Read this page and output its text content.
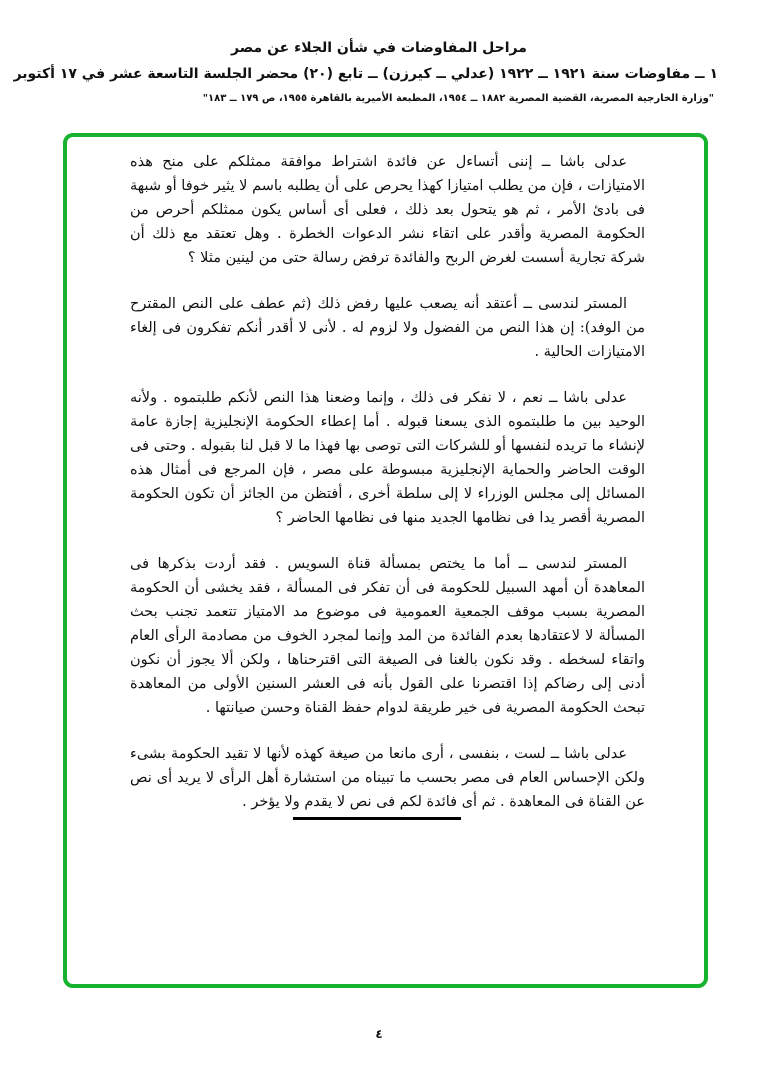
مراحل المفاوضات في شأن الجلاء عن مصر
١ ــ مفاوضات سنة ١٩٢١ ــ ١٩٢٢ (عدلي ــ كيرزن) ــ تابع (٢٠) محضر الجلسة التاسعة عشر في ١٧ أكتوبر
"وزارة الخارجية المصرية، القضية المصرية ١٨٨٢ ــ ١٩٥٤، المطبعة الأميرية بالقاهرة ١٩٥٥، ص ١٧٩ ــ ١٨٣"

عدلى باشا ــ إننى أتساءل عن فائدة اشتراط موافقة ممثلكم على منح هذه الامتيازات ، فإن من يطلب امتيازا كهذا يحرص على أن يطلبه باسم لا يثير خوفا أو شبهة فى بادئ الأمر ، ثم هو يتحول بعد ذلك ، فعلى أى أساس يكون ممثلكم أحرص من الحكومة المصرية وأقدر على اتقاء نشر الدعوات الخطرة . وهل تعتقد مع ذلك أن شركة تجارية أسست لغرض الربح والفائدة ترفض رسالة حتى من لينين مثلا ؟

المستر لندسى ــ أعتقد أنه يصعب عليها رفض ذلك (ثم عطف على النص المقترح من الوفد): إن هذا النص من الفضول ولا لزوم له . لأنى لا أقدر أنكم تفكرون فى إلغاء الامتيازات الحالية .

عدلى باشا ــ نعم ، لا نفكر فى ذلك ، وإنما وضعنا هذا النص لأنكم طلبتموه . ولأنه الوحيد بين ما طلبتموه الذى يسعنا قبوله . أما إعطاء الحكومة الإنجليزية إجازة عامة لإنشاء ما تريده لنفسها أو للشركات التى توصى بها فهذا ما لا قبل لنا بقبوله . وحتى فى الوقت الحاضر والحماية الإنجليزية مبسوطة على مصر ، فإن المرجع فى أمثال هذه المسائل إلى مجلس الوزراء لا إلى سلطة أخرى ، أفتظن من الجائز أن تكون الحكومة المصرية أقصر يدا فى نظامها الجديد منها فى نظامها الحاضر ؟

المستر لندسى ــ أما ما يختص بمسألة قناة السويس . فقد أردت بذكرها فى المعاهدة أن أمهد السبيل للحكومة فى أن تفكر فى المسألة ، فقد يخشى أن الحكومة المصرية بسبب موقف الجمعية العمومية فى موضوع مد الامتياز تتعمد تجنب بحث المسألة لا لاعتقادها بعدم الفائدة من المد وإنما لمجرد الخوف من مصادمة الرأى العام واتقاء لسخطه . وقد نكون بالغنا فى الصيغة التى اقترحناها ، ولكن ألا يجوز أن نكون أدنى إلى رضاكم إذا اقتصرنا على القول بأنه فى العشر السنين الأولى من المعاهدة تبحث الحكومة المصرية فى خير طريقة لدوام حفظ القناة وحسن صيانتها .

عدلى باشا ــ لست ، بنفسى ، أرى مانعا من صيغة كهذه لأنها لا تقيد الحكومة بشىء ولكن الإحساس العام فى مصر بحسب ما تبيناه من استشارة أهل الرأى لا يريد أى نص عن القناة فى المعاهدة . ثم أى فائدة لكم فى نص لا يقدم ولا يؤخر .

٤
